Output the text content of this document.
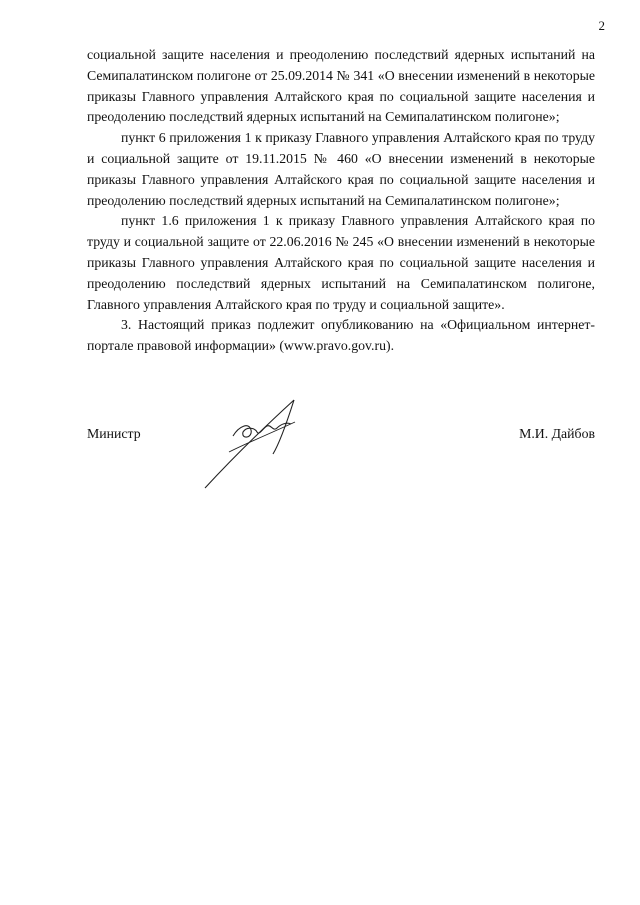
2

социальной защите населения и преодолению последствий ядерных испытаний на Семипалатинском полигоне от 25.09.2014 № 341 «О внесении изменений в некоторые приказы Главного управления Алтайского края по социальной защите населения и преодолению последствий ядерных испытаний на Семипалатинском полигоне»;

пункт 6 приложения 1 к приказу Главного управления Алтайского края по труду и социальной защите от 19.11.2015 № 460 «О внесении изменений в некоторые приказы Главного управления Алтайского края по социальной защите населения и преодолению последствий ядерных испытаний на Семипалатинском полигоне»;

пункт 1.6 приложения 1 к приказу Главного управления Алтайского края по труду и социальной защите от 22.06.2016 № 245 «О внесении изменений в некоторые приказы Главного управления Алтайского края по социальной защите населения и преодолению последствий ядерных испытаний на Семипалатинском полигоне, Главного управления Алтайского края по труду и социальной защите».

3. Настоящий приказ подлежит опубликованию на «Официальном интернет-портале правовой информации» (www.pravo.gov.ru).

Министр	М.И. Дайбов
